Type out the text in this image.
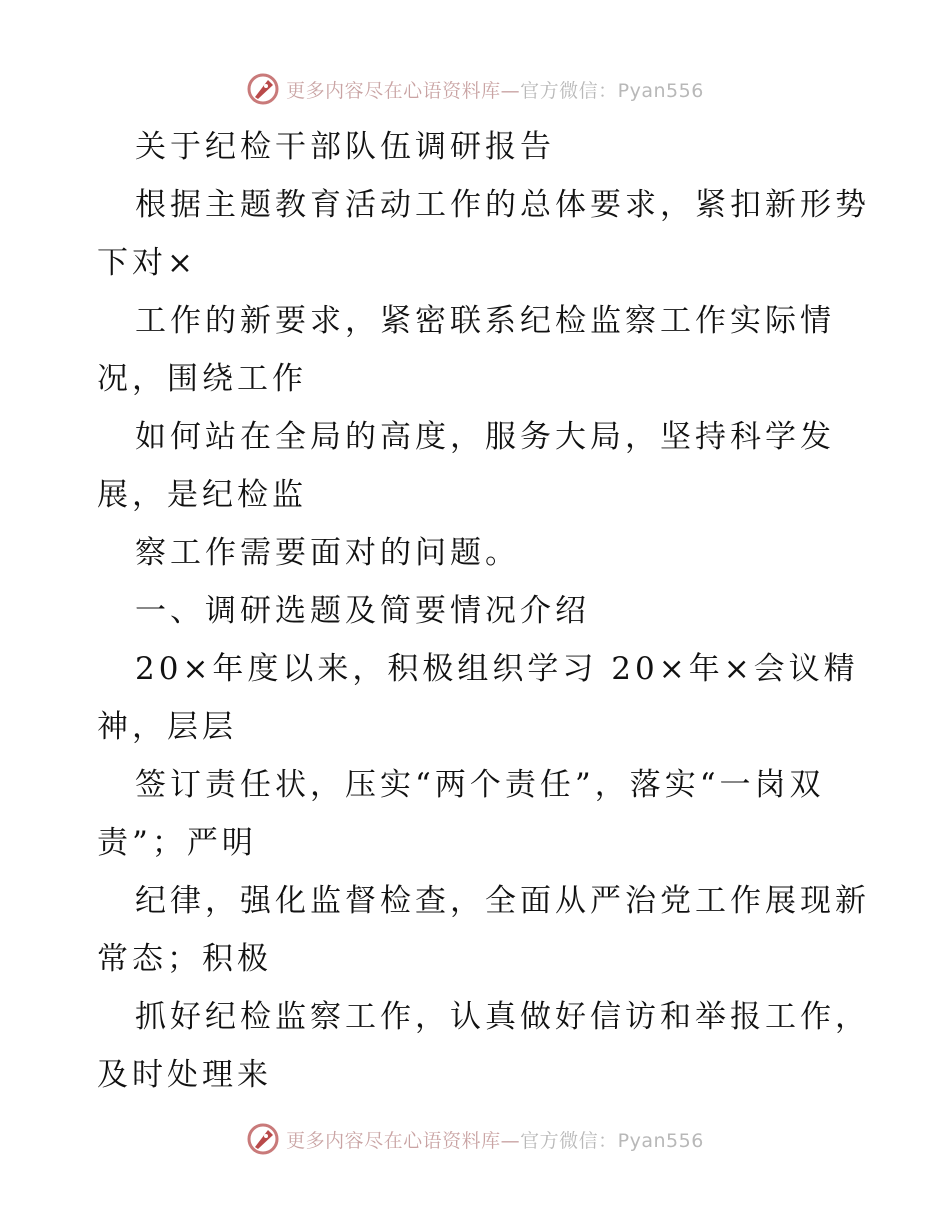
更多内容尽在心语资料库—官方微信：Pyan556
关于纪检干部队伍调研报告
根据主题教育活动工作的总体要求，紧扣新形势
下对×
工作的新要求，紧密联系纪检监察工作实际情
况，围绕工作
如何站在全局的高度，服务大局，坚持科学发
展，是纪检监
察工作需要面对的问题。
一、调研选题及简要情况介绍
20×年度以来，积极组织学习 20×年×会议精
神，层层
签订责任状，压实“两个责任”，落实“一岗双
责”；严明
纪律，强化监督检查，全面从严治党工作展现新
常态；积极
抓好纪检监察工作，认真做好信访和举报工作，
及时处理来
更多内容尽在心语资料库—官方微信：Pyan556
